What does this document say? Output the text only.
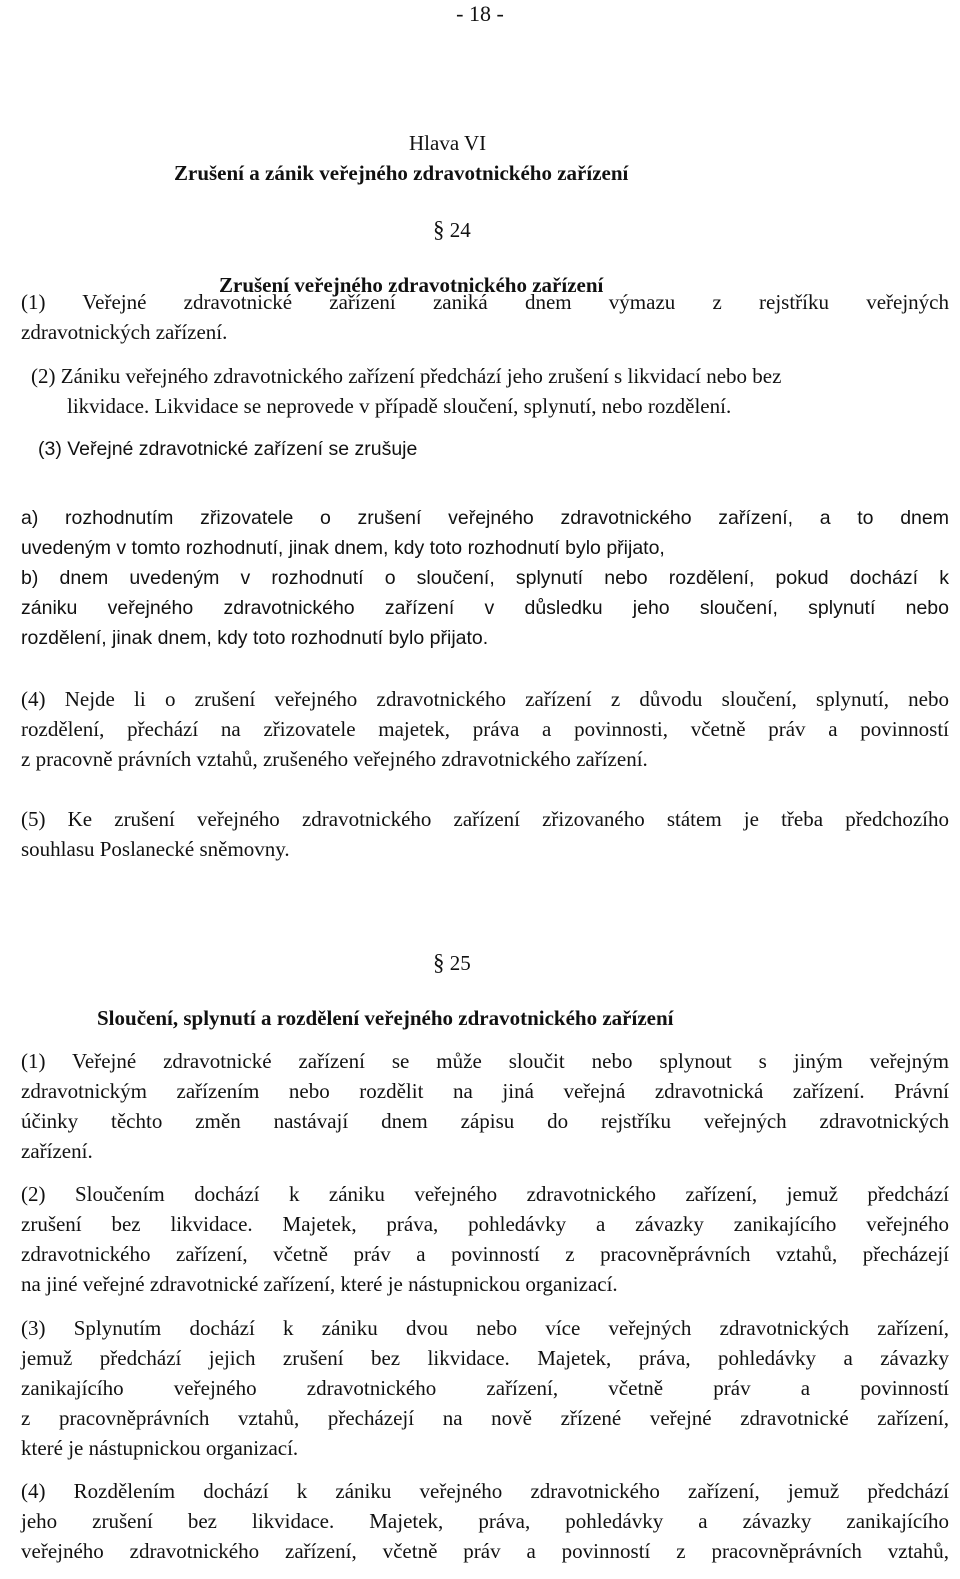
- 18 -
Hlava VI
Zrušení a zánik veřejného zdravotnického zařízení
§ 24
Zrušení veřejného zdravotnického zařízení
(1) Veřejné zdravotnické zařízení zaniká dnem výmazu z rejstříku veřejných
zdravotnických zařízení.
(2) Zániku veřejného zdravotnického zařízení předchází jeho zrušení s likvidací nebo bez
likvidace. Likvidace se neprovede v případě sloučení, splynutí, nebo rozdělení.
(3) Veřejné zdravotnické zařízení se zrušuje
a) rozhodnutím zřizovatele o zrušení veřejného zdravotnického zařízení, a to dnem
uvedeným v tomto rozhodnutí, jinak dnem, kdy toto rozhodnutí bylo přijato,
b) dnem uvedeným v rozhodnutí o sloučení, splynutí nebo rozdělení, pokud dochází k
zániku veřejného zdravotnického zařízení v důsledku jeho sloučení, splynutí nebo
rozdělení, jinak dnem, kdy toto rozhodnutí bylo přijato.
(4) Nejde li o zrušení veřejného zdravotnického zařízení z důvodu sloučení, splynutí, nebo
rozdělení, přechází na zřizovatele majetek, práva a povinnosti, včetně práv a povinností
z pracovně právních vztahů, zrušeného veřejného zdravotnického zařízení.
(5) Ke zrušení veřejného zdravotnického zařízení zřizovaného státem je třeba předchozího
souhlasu Poslanecké sněmovny.
§ 25
Sloučení, splynutí a rozdělení veřejného zdravotnického zařízení
(1) Veřejné zdravotnické zařízení se může sloučit nebo splynout s jiným veřejným
zdravotnickým zařízením nebo rozdělit na jiná veřejná zdravotnická zařízení. Právní
účinky těchto změn nastávají dnem zápisu do rejstříku veřejných zdravotnických
zařízení.
(2) Sloučením dochází k zániku veřejného zdravotnického zařízení, jemuž předchází
zrušení bez likvidace. Majetek, práva, pohledávky a závazky zanikajícího veřejného
zdravotnického zařízení, včetně práv a povinností z pracovněprávních vztahů, přecházejí
na jiné veřejné zdravotnické zařízení, které je nástupnickou organizací.
(3) Splynutím dochází k zániku dvou nebo více veřejných zdravotnických zařízení,
jemuž předchází jejich zrušení bez likvidace. Majetek, práva, pohledávky a závazky
zanikajícího veřejného zdravotnického zařízení, včetně práv a povinností
z pracovněprávních vztahů, přecházejí na nově zřízené veřejné zdravotnické zařízení,
které je nástupnickou organizací.
(4) Rozdělením dochází k zániku veřejného zdravotnického zařízení, jemuž předchází
jeho zrušení bez likvidace. Majetek, práva, pohledávky a závazky zanikajícího
veřejného zdravotnického zařízení, včetně práv a povinností z pracovněprávních vztahů,
